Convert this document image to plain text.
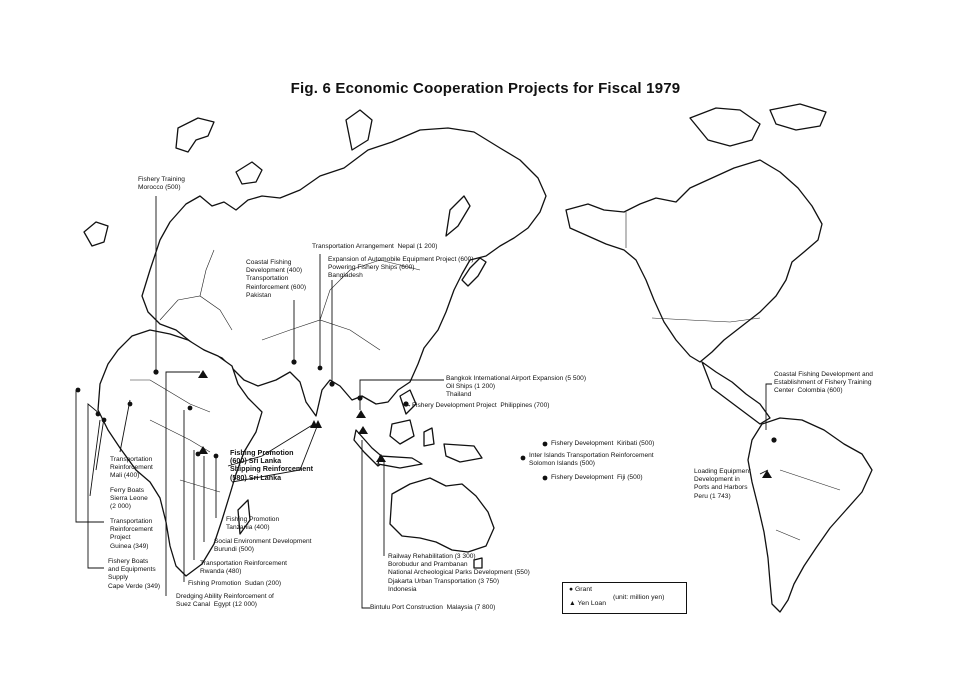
Fig. 6 Economic Cooperation Projects for Fiscal 1979
Fishery Training
Morocco (500)
Coastal Fishing
Development (400)
Transportation
Reinforcement (600)
Pakistan
Transportation Arrangement  Nepal (1 200)
Expansion of Automobile Equipment Project (600)
Powering Fishery Ships (600)
Bangladesh
Bangkok International Airport Expansion (5 500)
Oil Ships (1 200)
Thailand
Fishery Development Project  Philippines (700)
Fishery Development  Kiribati (500)
Inter Islands Transportation Reinforcement
Solomon Islands (500)
Fishery Development  Fiji (500)
Coastal Fishing Development and
Establishment of Fishery Training
Center  Colombia (600)
Loading Equipment
Development in
Ports and Harbors
Peru (1 743)
Fishing Promotion
(600) Sri Lanka
Shipping Reinforcement
(580) Sri Lanka
Transportation
Reinforcement
Mali (400)
Ferry Boats
Sierra Leone
(2 000)
Transportation
Reinforcement
Project
Guinea (349)
Fishery Boats
and Equipments
Supply
Cape Verde (349)
Fishing Promotion
Tanzania (400)
Social Environment Development
Burundi (500)
Transportation Reinforcement
Rwanda (480)
Fishing Promotion  Sudan (200)
Dredging Ability Reinforcement of
Suez Canal  Egypt (12 000)
Railway Rehabilitation (3 300)
Borobudur and Prambanan
National Archeological Parks Development (550)
Djakarta Urban Transportation (3 750)
Indonesia
Bintulu Port Construction  Malaysia (7 800)
● Grant
▲ Yen Loan
(unit: million yen)
